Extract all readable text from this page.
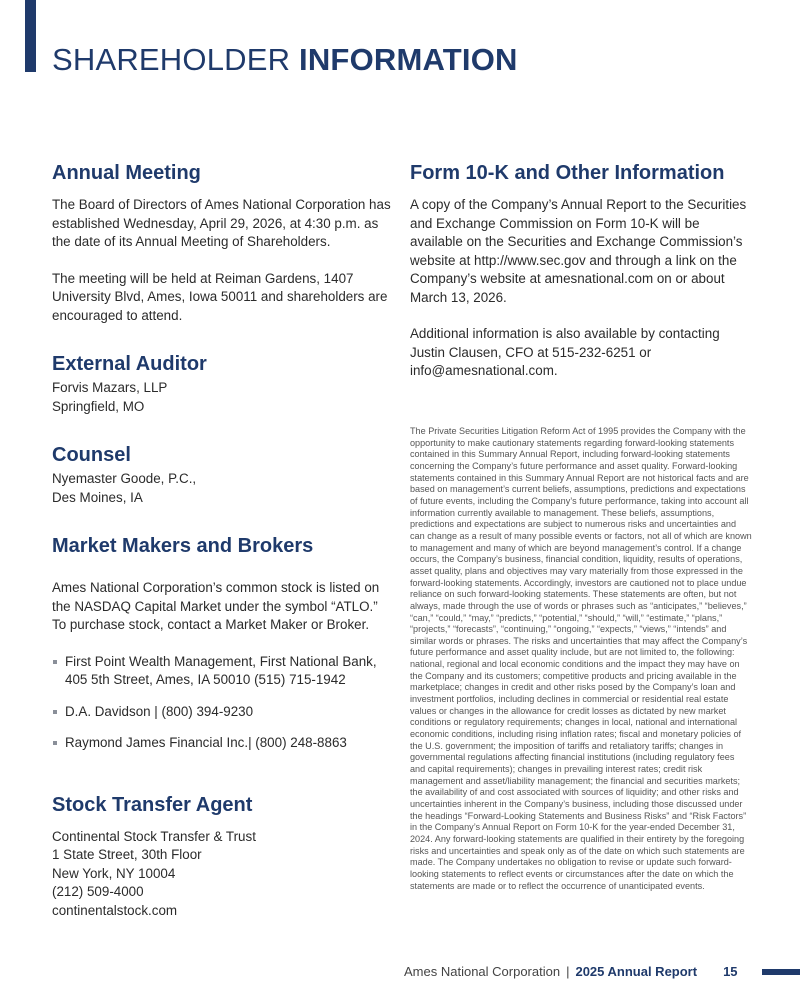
SHAREHOLDER INFORMATION
Annual Meeting

The Board of Directors of Ames National Corporation has established Wednesday, April 29, 2026, at 4:30 p.m. as the date of its Annual Meeting of Shareholders.

The meeting will be held at Reiman Gardens, 1407 University Blvd, Ames, Iowa 50011 and shareholders are encouraged to attend.

External Auditor
Forvis Mazars, LLP
Springfield, MO
Counsel
Nyemaster Goode, P.C.,
Des Moines, IA
Market Makers and Brokers

Ames National Corporation’s common stock is listed on the NASDAQ Capital Market under the symbol “ATLO.” To purchase stock, contact a Market Maker or Broker.

First Point Wealth Management, First National Bank, 405 5th Street, Ames, IA 50010 (515) 715-1942
D.A. Davidson | (800) 394-9230
Raymond James Financial Inc.| (800) 248-8863
Stock Transfer Agent
Continental Stock Transfer & Trust
1 State Street, 30th Floor
New York, NY 10004
(212) 509-4000
continentalstock.com
Form 10-K and Other Information

A copy of the Company’s Annual Report to the Securities and Exchange Commission on Form 10-K will be available on the Securities and Exchange Commission’s website at http://www.sec.gov and through a link on the Company’s website at amesnational.com on or about March 13, 2026.

Additional information is also available by contacting Justin Clausen, CFO at 515-232-6251 or info@amesnational.com.

The Private Securities Litigation Reform Act of 1995 provides the Company with the opportunity to make cautionary statements regarding forward-looking statements contained in this Summary Annual Report, including forward-looking statements concerning the Company’s future performance and asset quality. Forward-looking statements contained in this Summary Annual Report are not historical facts and are based on management’s current beliefs, assumptions, predictions and expectations of future events, including the Company’s future performance, taking into account all information currently available to management. These beliefs, assumptions, predictions and expectations are subject to numerous risks and uncertainties and can change as a result of many possible events or factors, not all of which are known to management and many of which are beyond management’s control. If a change occurs, the Company’s business, financial condition, liquidity, results of operations, asset quality, plans and objectives may vary materially from those expressed in the forward-looking statements. Accordingly, investors are cautioned not to place undue reliance on such forward-looking statements. These statements are often, but not always, made through the use of words or phrases such as “anticipates,” “believes,” “can,” “could,” “may,” “predicts,” “potential,” “should,” “will,” “estimate,” “plans,” “projects,” “forecasts”, “continuing,” “ongoing,” “expects,” “views,” “intends” and similar words or phrases. The risks and uncertainties that may affect the Company’s future performance and asset quality include, but are not limited to, the following: national, regional and local economic conditions and the impact they may have on the Company and its customers; competitive products and pricing available in the marketplace; changes in credit and other risks posed by the Company’s loan and investment portfolios, including declines in commercial or residential real estate values or changes in the allowance for credit losses as dictated by new market conditions or regulatory requirements; changes in local, national and international economic conditions, including rising inflation rates; fiscal and monetary policies of the U.S. government; the imposition of tariffs and retaliatory tariffs; changes in governmental regulations affecting financial institutions (including regulatory fees and capital requirements); changes in prevailing interest rates; credit risk management and asset/liability management; the financial and securities markets; the availability of and cost associated with sources of liquidity; and other risks and uncertainties inherent in the Company’s business, including those discussed under the headings “Forward-Looking Statements and Business Risks” and “Risk Factors” in the Company’s Annual Report on Form 10-K for the year-ended December 31, 2024. Any forward-looking statements are qualified in their entirety by the foregoing risks and uncertainties and speak only as of the date on which such statements are made. The Company undertakes no obligation to revise or update such forward-looking statements to reflect events or circumstances after the date on which the statements are made or to reflect the occurrence of unanticipated events.

Ames National Corporation | 2025 Annual Report 15
